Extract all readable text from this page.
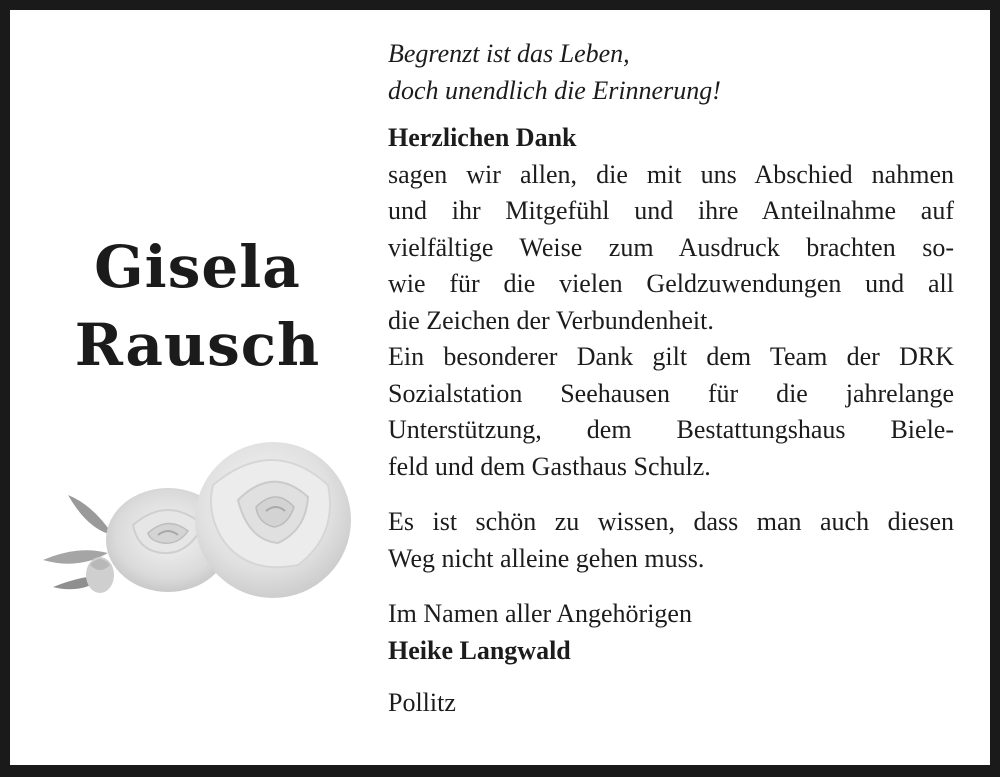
Gisela
Rausch

Begrenzt ist das Leben,
doch unendlich die Erinnerung!

Herzlichen Dank
sagen wir allen, die mit uns Abschied nahmen
und ihr Mitgefühl und ihre Anteilnahme auf
vielfältige Weise zum Ausdruck brachten so-
wie für die vielen Geldzuwendungen und all
die Zeichen der Verbundenheit.
Ein besonderer Dank gilt dem Team der DRK
Sozialstation Seehausen für die jahrelange
Unterstützung, dem Bestattungshaus Biele-
feld und dem Gasthaus Schulz.

Es ist schön zu wissen, dass man auch diesen
Weg nicht alleine gehen muss.

Im Namen aller Angehörigen
Heike Langwald

Pollitz
